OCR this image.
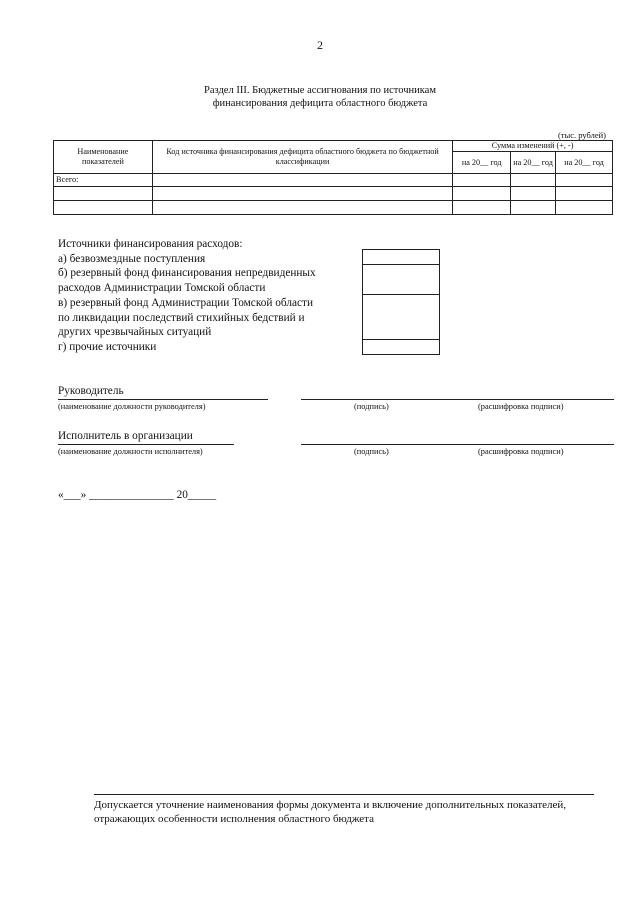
2
Раздел III. Бюджетные ассигнования по источникам
финансирования дефицита областного бюджета
(тыс. рублей)
Наименование показателей	Код источника финансирования дефицита областного бюджета по бюджетной классификации	Сумма изменений (+, -)		
		на 20__ год	на 20__ год	на 20__ год
Всего:				

Источники финансирования расходов:
а) безвозмездные поступления
б) резервный фонд финансирования непредвиденных
расходов Администрации Томской области
в) резервный фонд Администрации Томской области
по ликвидации последствий стихийных бедствий и
других чрезвычайных ситуаций
г) прочие источники
Руководитель
(наименование должности руководителя)	(подпись)	(расшифровка подписи)
Исполнитель в организации
(наименование должности исполнителя)	(подпись)	(расшифровка подписи)
«___» _______________ 20_____
Допускается уточнение наименования формы документа и включение дополнительных показателей, отражающих особенности исполнения областного бюджета
